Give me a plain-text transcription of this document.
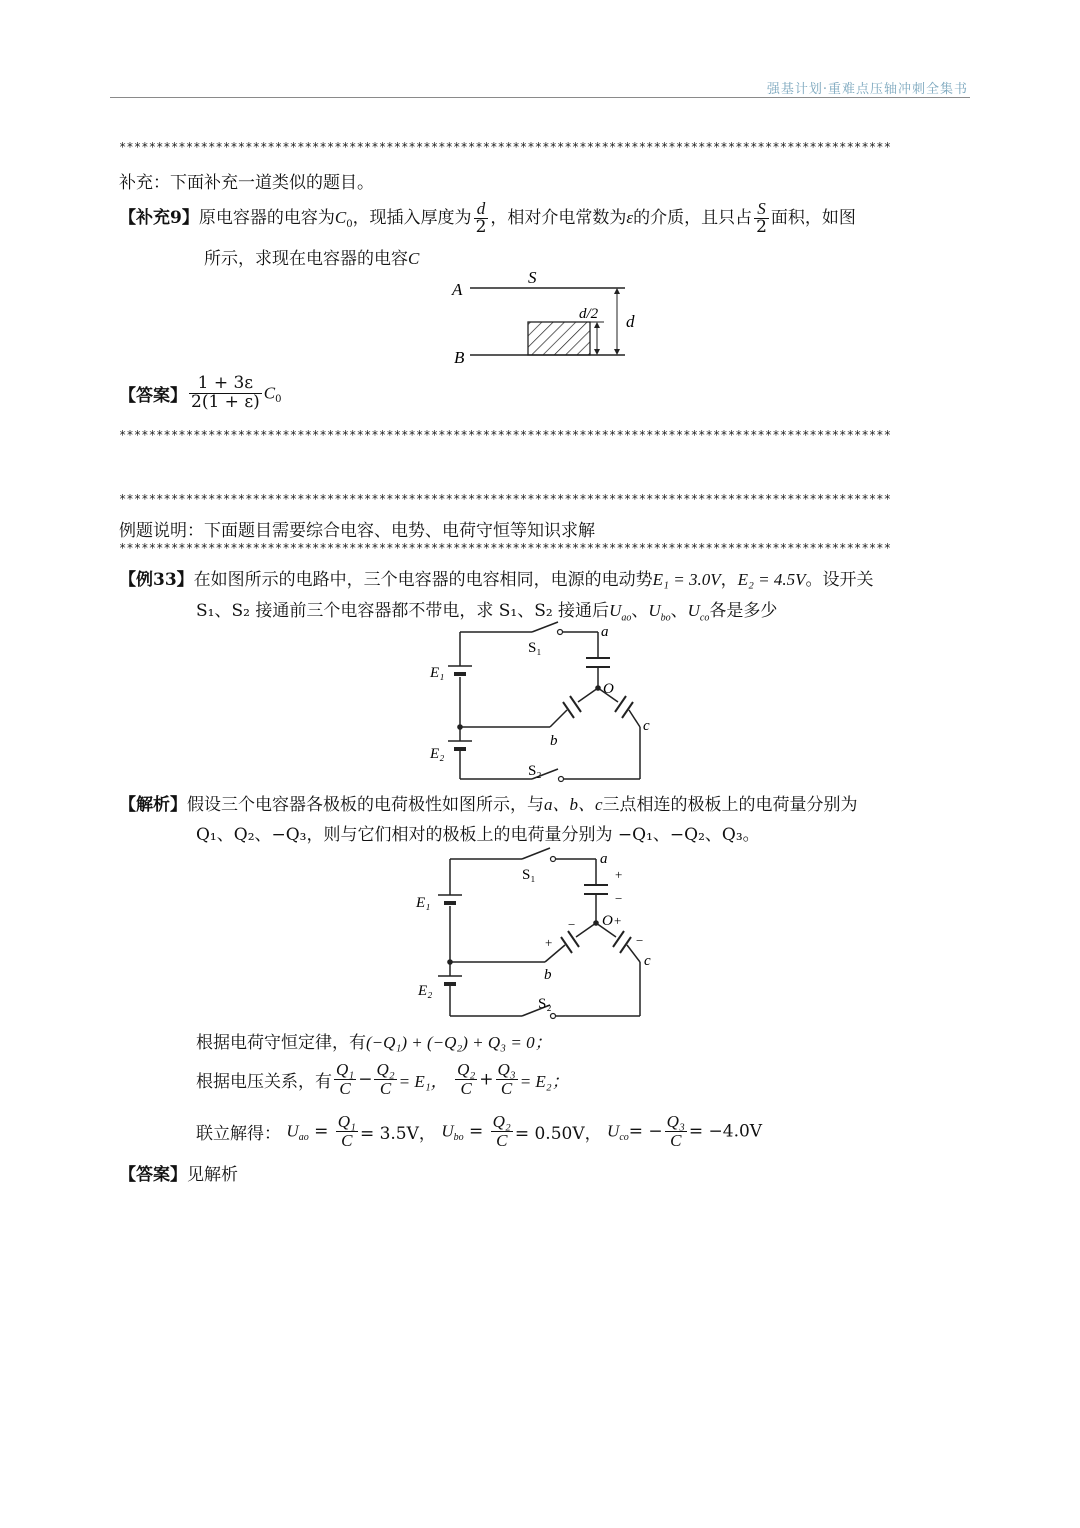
强基计划·重难点压轴冲刺全集书
********************************************************************************************************
补充：下面补充一道类似的题目。
【补充9】原电容器的电容为$C_0$，现插入厚度为 $\frac{d}{2}$ ，相对介电常数为ε的介质，且只占 $\frac{S}{2}$ 面积，如图
所示，求现在电容器的电容C
A
B
S
d/2 d
【答案】 $\frac{1 + 3\varepsilon}{2(1 + \varepsilon)} C_0$
********************************************************************************************************
********************************************************************************************************
例题说明：下面题目需要综合电容、电势、电荷守恒等知识求解
********************************************************************************************************
【例33】在如图所示的电路中，三个电容器的电容相同，电源的电动势E₁ = 3.0V，E₂ = 4.5V。设开关
S₁、S₂ 接通前三个电容器都不带电，求 S₁、S₂ 接通后$U_{ao}$、$U_{bo}$、$U_{co}$各是多少
S₁
S₂
E₁
E₂
a
b
c
O
【解析】假设三个电容器各极板的电荷极性如图所示，与a、b、c三点相连的极板上的电荷量分别为
Q₁、Q₂、−Q₃，则与它们相对的极板上的电荷量分别为 −Q₁、−Q₂、Q₃。
S₁
S₂
E₁
E₂
a
b
c
O
+
−
+
−
+	−
根据电荷守恒定律，有(−Q₁) + (−Q₂) + Q₃ = 0；
根据电压关系，有 $\frac{\text{Q₁}}{C} - \frac{\text{Q₂}}{C} = E_1$， $\frac{\text{Q₂}}{C} + \frac{\text{Q₃}}{C} = E_2$；
联立解得： $U_{ao} = \frac{\text{Q₁}}{C} = 3.5V$， $U_{bo} = \frac{\text{Q₂}}{C} = 0.50V$， $U_{co}= - \frac{\text{Q₃}}{C} = -4.0V$
【答案】见解析
